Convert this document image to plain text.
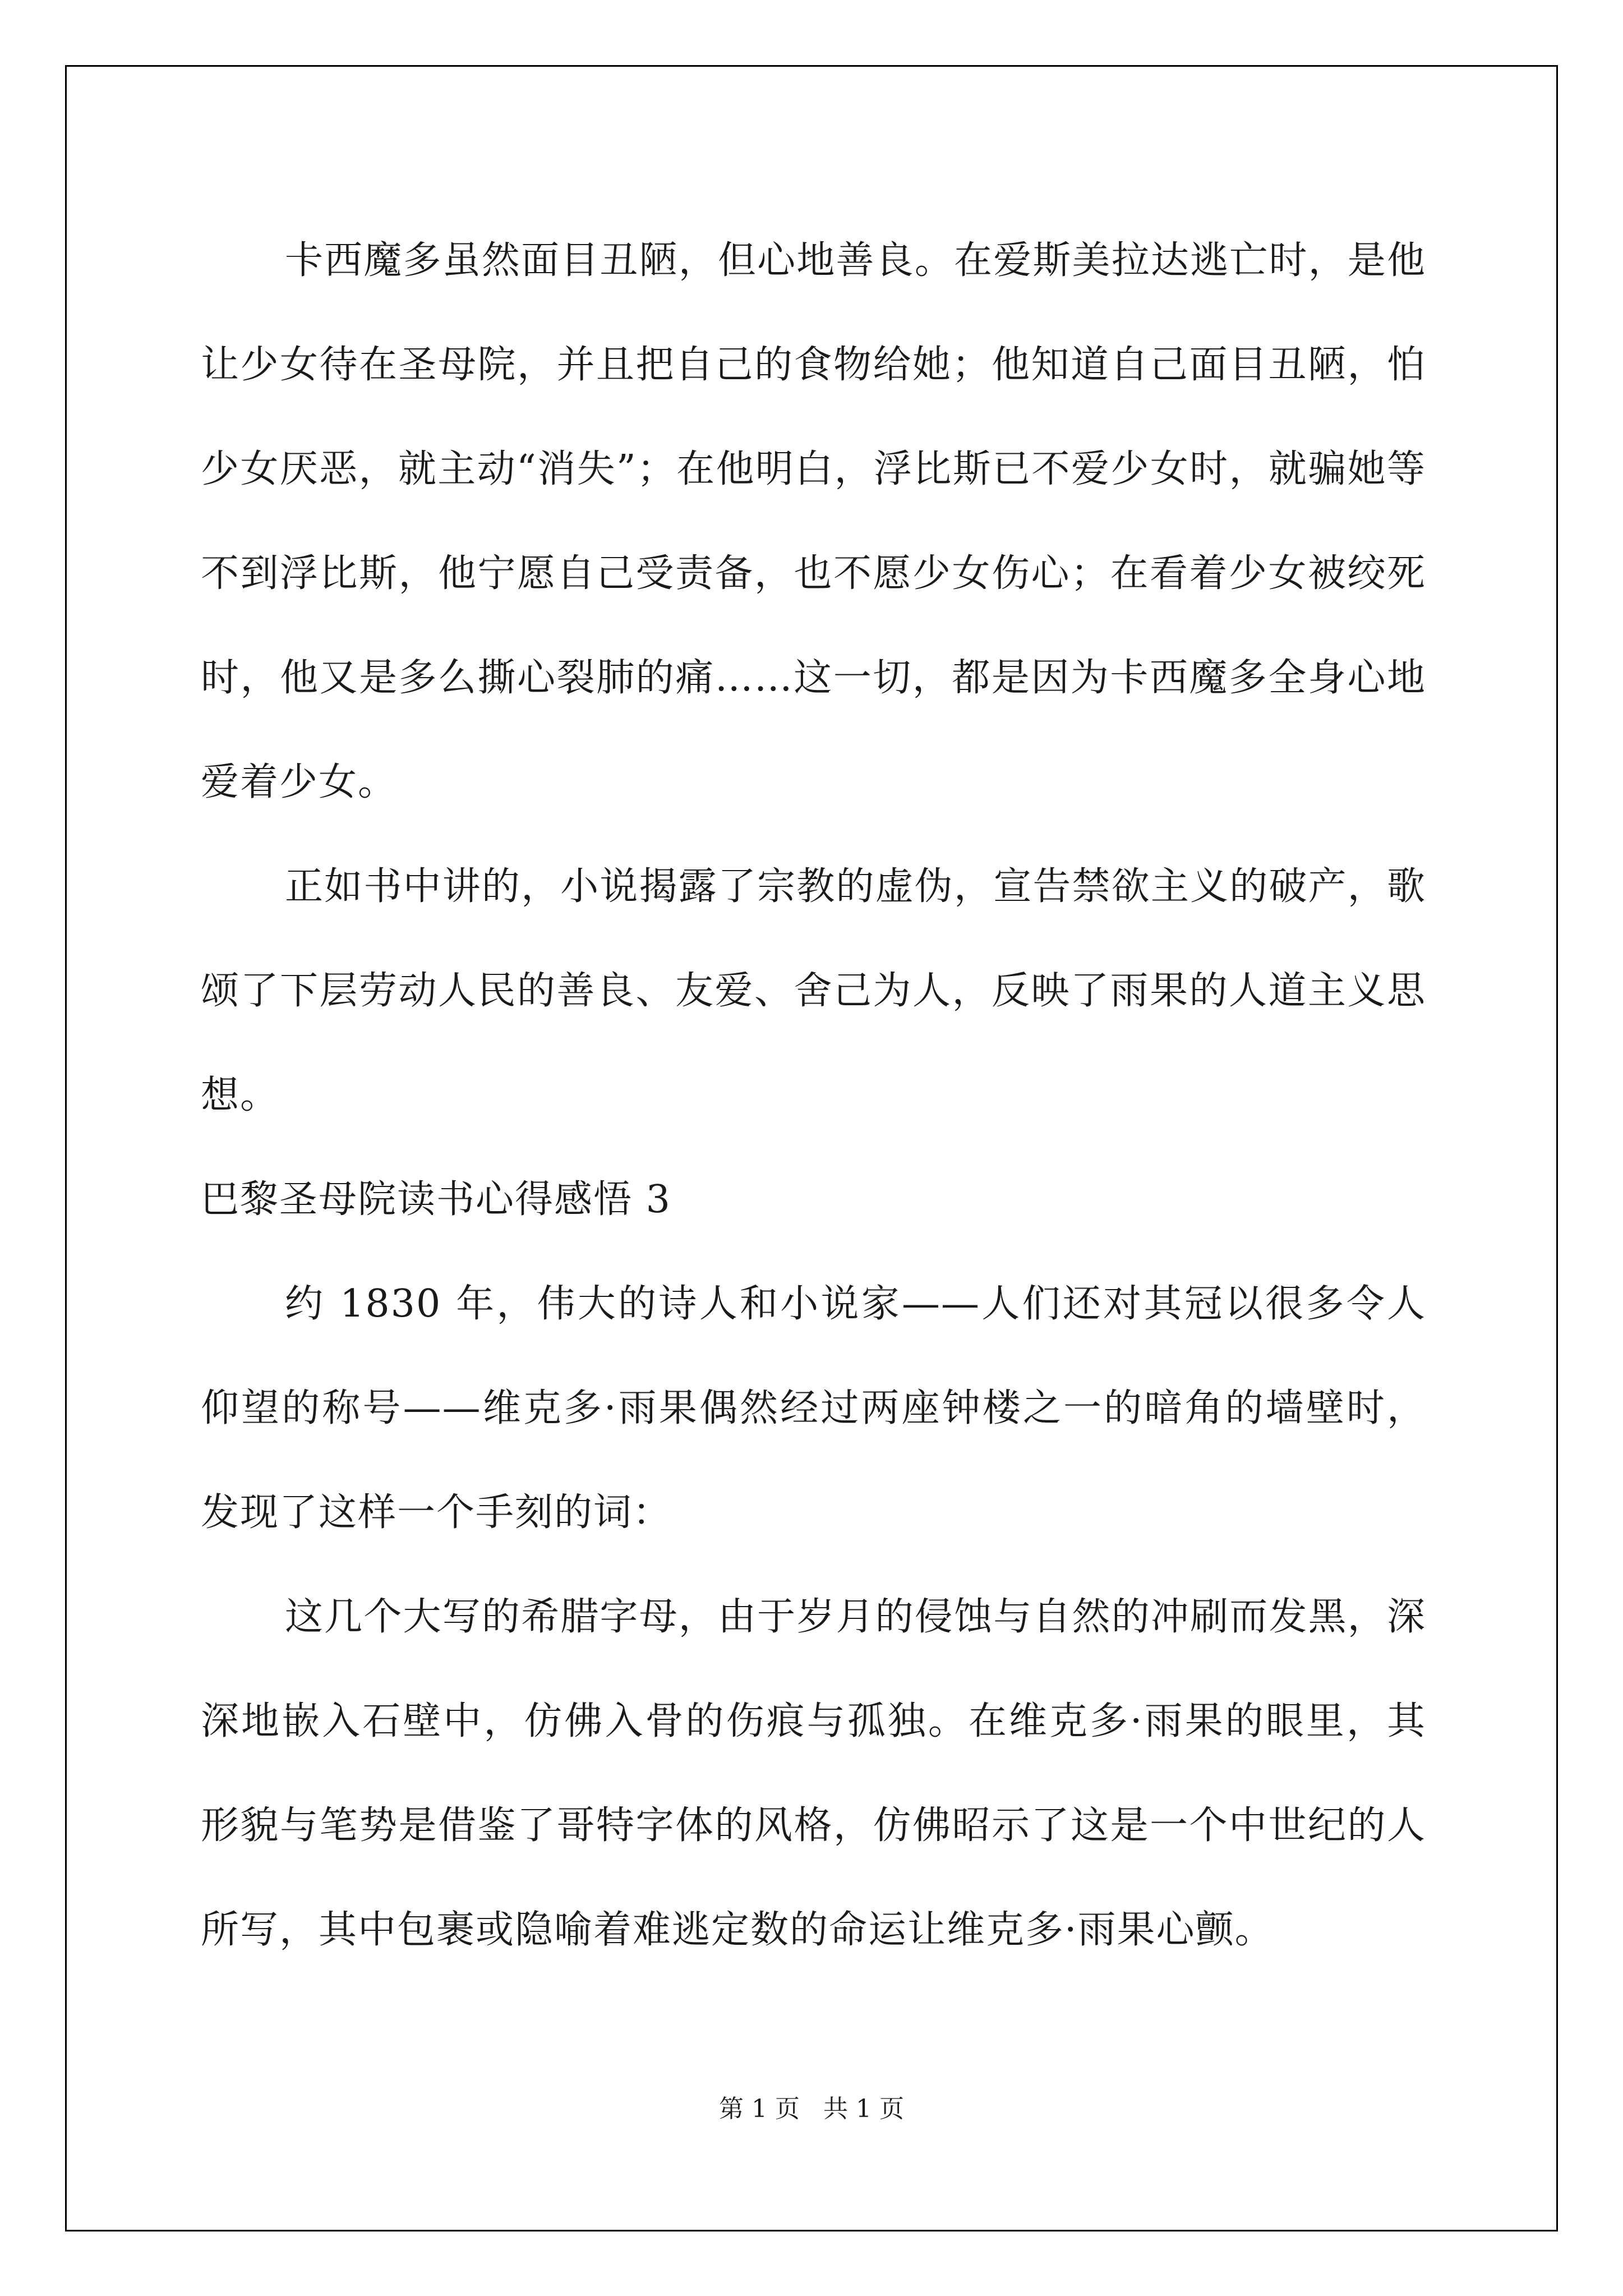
卡西魔多虽然面目丑陋，但心地善良。在爱斯美拉达逃亡时，是他让少女待在圣母院，并且把自己的食物给她；他知道自己面目丑陋，怕少女厌恶，就主动“消失”；在他明白，浮比斯已不爱少女时，就骗她等不到浮比斯，他宁愿自己受责备，也不愿少女伤心；在看着少女被绞死时，他又是多么撕心裂肺的痛……这一切，都是因为卡西魔多全身心地爱着少女。

正如书中讲的，小说揭露了宗教的虚伪，宣告禁欲主义的破产，歌颂了下层劳动人民的善良、友爱、舍己为人，反映了雨果的人道主义思想。

巴黎圣母院读书心得感悟 3

约 1830 年，伟大的诗人和小说家——人们还对其冠以很多令人仰望的称号——维克多·雨果偶然经过两座钟楼之一的暗角的墙壁时，发现了这样一个手刻的词：

这几个大写的希腊字母，由于岁月的侵蚀与自然的冲刷而发黑，深深地嵌入石壁中，仿佛入骨的伤痕与孤独。在维克多·雨果的眼里，其形貌与笔势是借鉴了哥特字体的风格，仿佛昭示了这是一个中世纪的人所写，其中包裹或隐喻着难逃定数的命运让维克多·雨果心颤。

第 1 页 共 1 页
